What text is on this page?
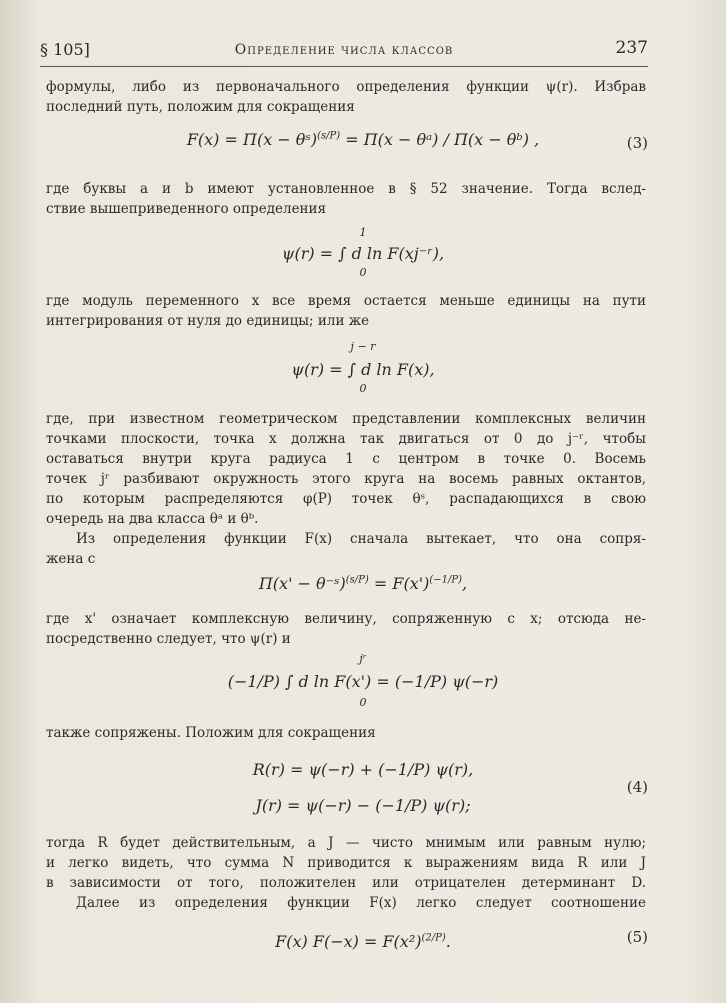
§ 105]	Определение числа классов	237
формулы, либо из первоначального определения функции ψ(r). Избрав
последний путь, положим для сокращения
F(x) = Π(x − θˢ)$^{(s/P)}$ = Π(x − θᵃ) / Π(x − θᵇ) ,	(3)
где буквы a и b имеют установленное в § 52 значение. Тогда вслед-
ствие вышеприведенного определения
1
ψ(r) = ∫ d ln F(xj⁻ʳ),
0
где модуль переменного x все время остается меньше единицы на пути
интегрирования от нуля до единицы; или же
j − r
ψ(r) = ∫ d ln F(x),
0
где, при известном геометрическом представлении комплексных величин
точками плоскости, точка x должна так двигаться от 0 до j⁻ʳ, чтобы
оставаться внутри круга радиуса 1 с центром в точке 0. Восемь
точек jʳ разбивают окружность этого круга на восемь равных октантов,
по которым распределяются φ(P) точек θˢ, распадающихся в свою
очередь на два класса θᵃ и θᵇ.
Из определения функции F(x) сначала вытекает, что она сопря-
жена с
Π(x' − θ⁻ˢ)$^{(s/P)}$ = $F(x')^{(-1/P)}$,
где x' означает комплексную величину, сопряженную с x; отсюда не-
посредственно следует, что ψ(r) и
jʳ
(−1/P) ∫ d ln F(x') = (−1/P) ψ(−r)
0
также сопряжены. Положим для сокращения
R(r) = ψ(−r) + (−1/P) ψ(r),
J(r) = ψ(−r) − (−1/P) ψ(r);
(4)
тогда R будет действительным, а J — чисто мнимым или равным нулю;
и легко видеть, что сумма N приводится к выражениям вида R или J
в зависимости от того, положителен или отрицателен детерминант D.
Далее из определения функции F(x) легко следует соотношение
F(x) $F(-x) = F(x^2)^{(2/P)}$.	(5)
